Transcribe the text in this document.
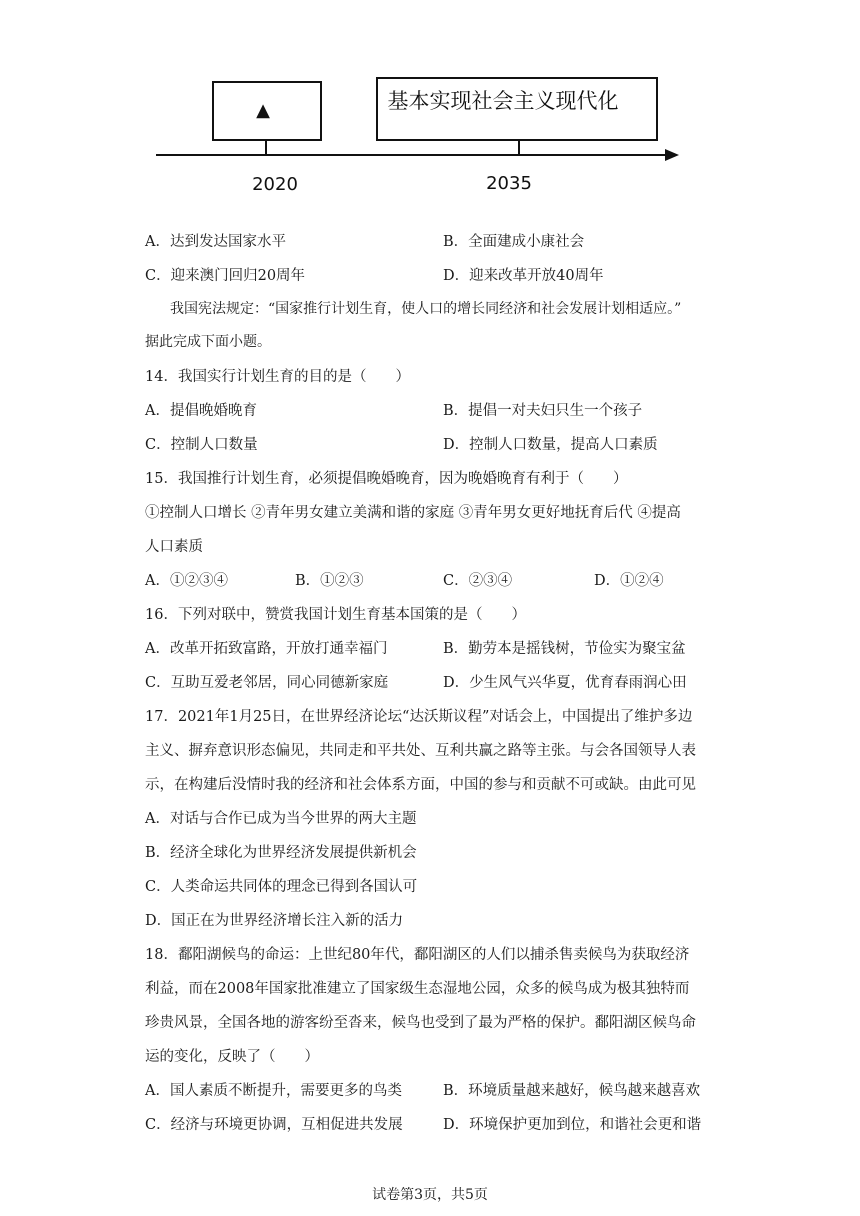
▲	基本实现社会主义现代化
2020	2035
A．达到发达国家水平	B．全面建成小康社会
C．迎来澳门回归20周年	D．迎来改革开放40周年
我国宪法规定：“国家推行计划生育，使人口的增长同经济和社会发展计划相适应。”
据此完成下面小题。
14．我国实行计划生育的目的是（　　）
A．提倡晚婚晚育	B．提倡一对夫妇只生一个孩子
C．控制人口数量	D．控制人口数量，提高人口素质
15．我国推行计划生育，必须提倡晚婚晚育，因为晚婚晚育有利于（　　）
①控制人口增长 ②青年男女建立美满和谐的家庭 ③青年男女更好地抚育后代 ④提高
人口素质
A．①②③④	B．①②③	C．②③④	D．①②④
16．下列对联中，赞赏我国计划生育基本国策的是（　　）
A．改革开拓致富路，开放打通幸福门	B．勤劳本是摇钱树，节俭实为聚宝盆
C．互助互爱老邻居，同心同德新家庭	D．少生风气兴华夏，优育春雨润心田
17．2021年1月25日，在世界经济论坛“达沃斯议程”对话会上，中国提出了维护多边
主义、摒弃意识形态偏见，共同走和平共处、互利共赢之路等主张。与会各国领导人表
示，在构建后没情时我的经济和社会体系方面，中国的参与和贡献不可或缺。由此可见
A．对话与合作已成为当今世界的两大主题
B．经济全球化为世界经济发展提供新机会
C．人类命运共同体的理念已得到各国认可
D．国正在为世界经济增长注入新的活力
18．鄱阳湖候鸟的命运：上世纪80年代，鄱阳湖区的人们以捕杀售卖候鸟为获取经济
利益，而在2008年国家批准建立了国家级生态湿地公园，众多的候鸟成为极其独特而
珍贵风景，全国各地的游客纷至沓来，候鸟也受到了最为严格的保护。鄱阳湖区候鸟命
运的变化，反映了（　　）
A．国人素质不断提升，需要更多的鸟类	B．环境质量越来越好，候鸟越来越喜欢
C．经济与环境更协调，互相促进共发展	D．环境保护更加到位，和谐社会更和谐
试卷第3页，共5页
